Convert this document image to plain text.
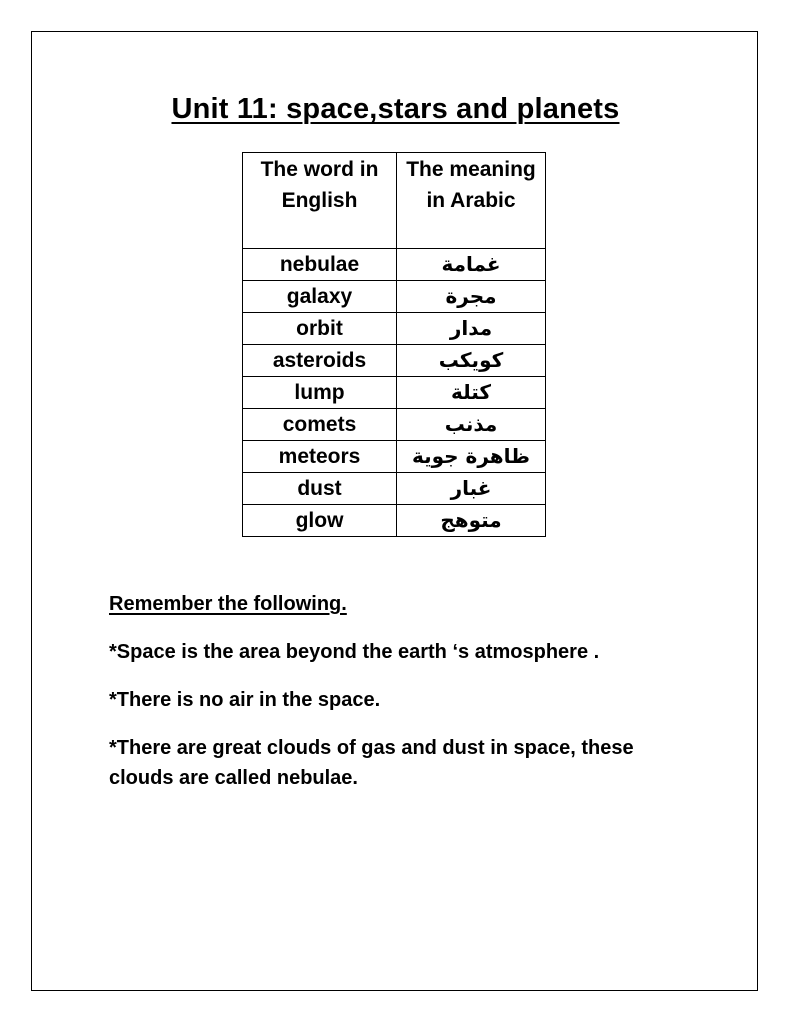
Unit 11: space,stars and planets
The word in English	The meaning in Arabic
nebulae	غمامة
galaxy	مجرة
orbit	مدار
asteroids	كويكب
lump	كتلة
comets	مذنب
meteors	ظاهرة جوية
dust	غبار
glow	متوهج
Remember the following.

*Space is the area beyond the earth ‘s atmosphere .

*There is no air in the space.

*There are great clouds of gas and dust in space, these clouds are called nebulae.
